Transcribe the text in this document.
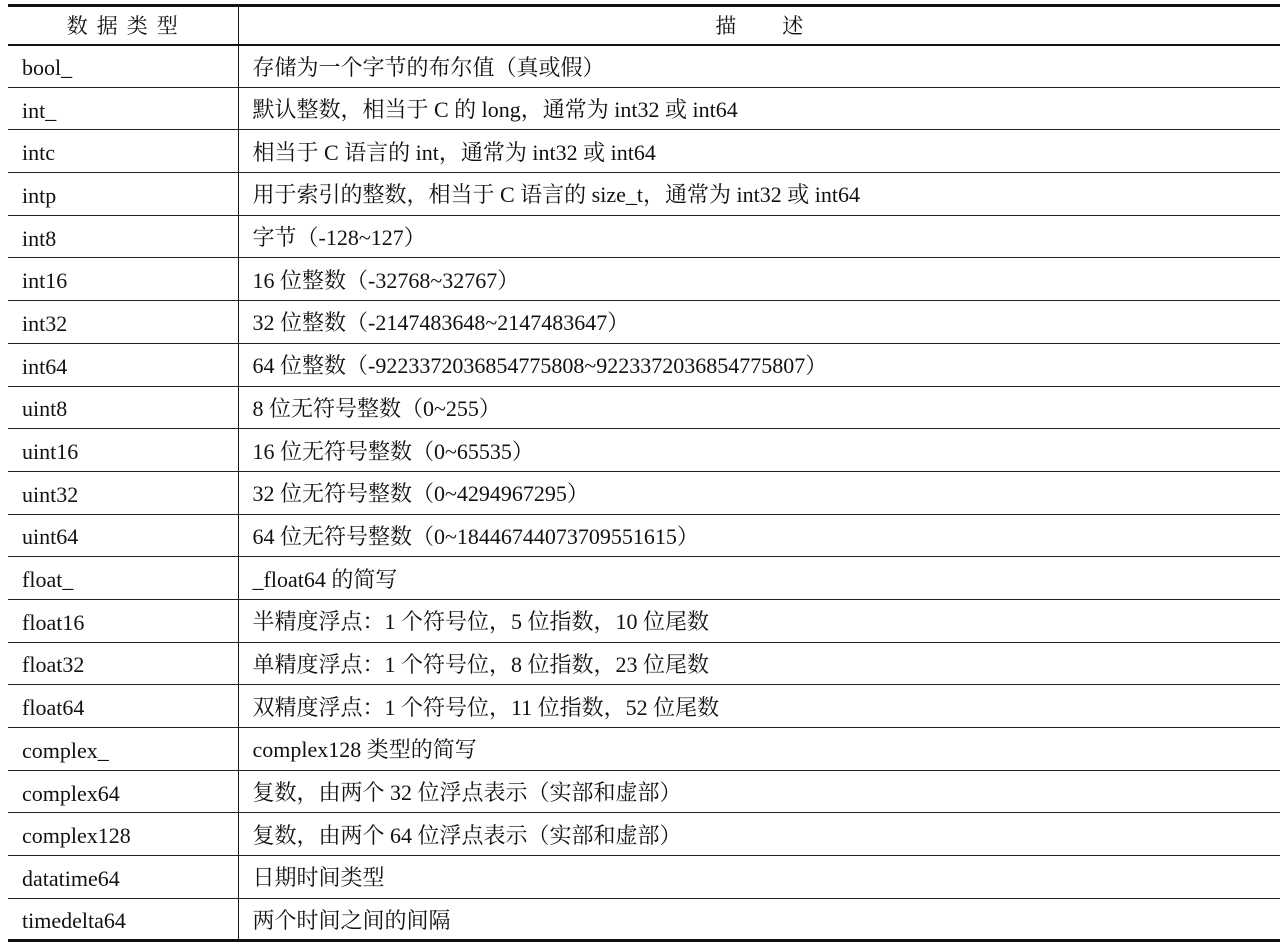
数据类型	描述
bool_	存储为一个字节的布尔值（真或假）
int_	默认整数，相当于 C 的 long，通常为 int32 或 int64
intc	相当于 C 语言的 int，通常为 int32 或 int64
intp	用于索引的整数，相当于 C 语言的 size_t，通常为 int32 或 int64
int8	字节（-128~127）
int16	16 位整数（-32768~32767）
int32	32 位整数（-2147483648~2147483647）
int64	64 位整数（-9223372036854775808~9223372036854775807）
uint8	8 位无符号整数（0~255）
uint16	16 位无符号整数（0~65535）
uint32	32 位无符号整数（0~4294967295）
uint64	64 位无符号整数（0~18446744073709551615）
float_	_float64 的简写
float16	半精度浮点：1 个符号位，5 位指数，10 位尾数
float32	单精度浮点：1 个符号位，8 位指数，23 位尾数
float64	双精度浮点：1 个符号位，11 位指数，52 位尾数
complex_	complex128 类型的简写
complex64	复数，由两个 32 位浮点表示（实部和虚部）
complex128	复数，由两个 64 位浮点表示（实部和虚部）
datatime64	日期时间类型
timedelta64	两个时间之间的间隔
